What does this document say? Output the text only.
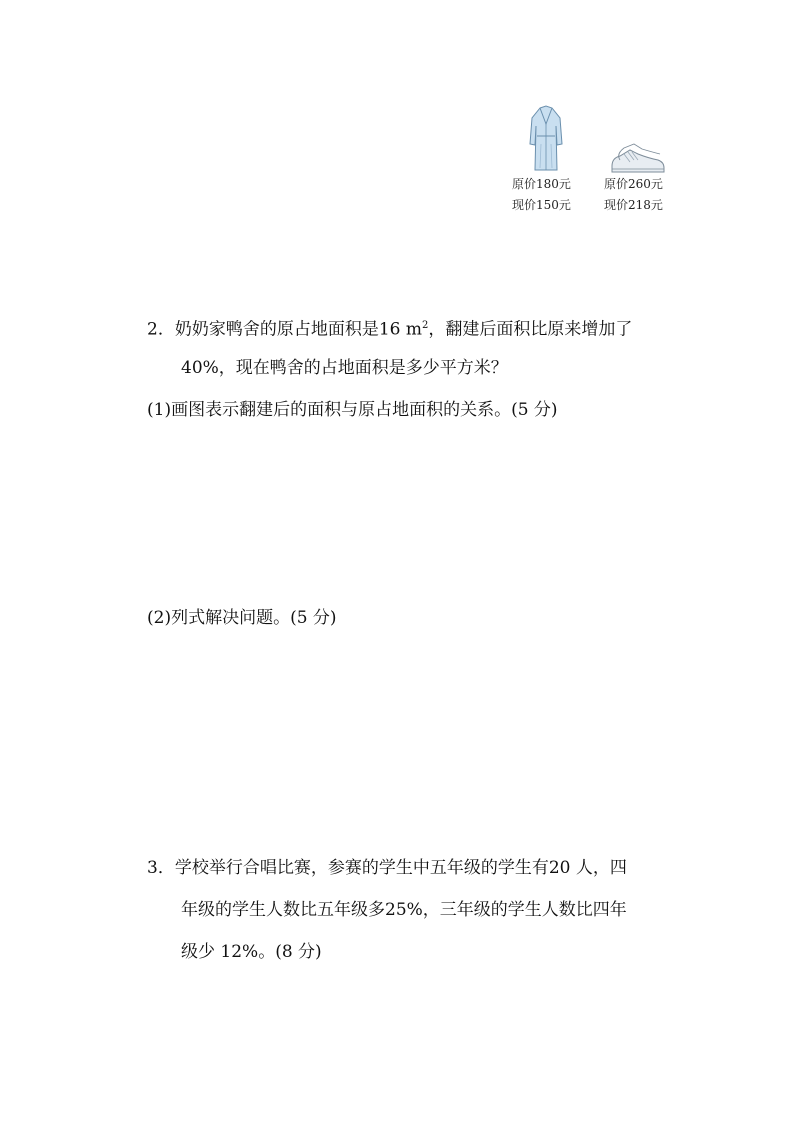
原价180元
现价150元
原价260元
现价218元
2．奶奶家鸭舍的原占地面积是16 $m^2$，翻建后面积比原来增加了
40%，现在鸭舍的占地面积是多少平方米？
(1)画图表示翻建后的面积与原占地面积的关系。(5 分)
(2)列式解决问题。(5 分)
3．学校举行合唱比赛，参赛的学生中五年级的学生有20 人，四
年级的学生人数比五年级多25%，三年级的学生人数比四年
级少 12%。(8 分)
